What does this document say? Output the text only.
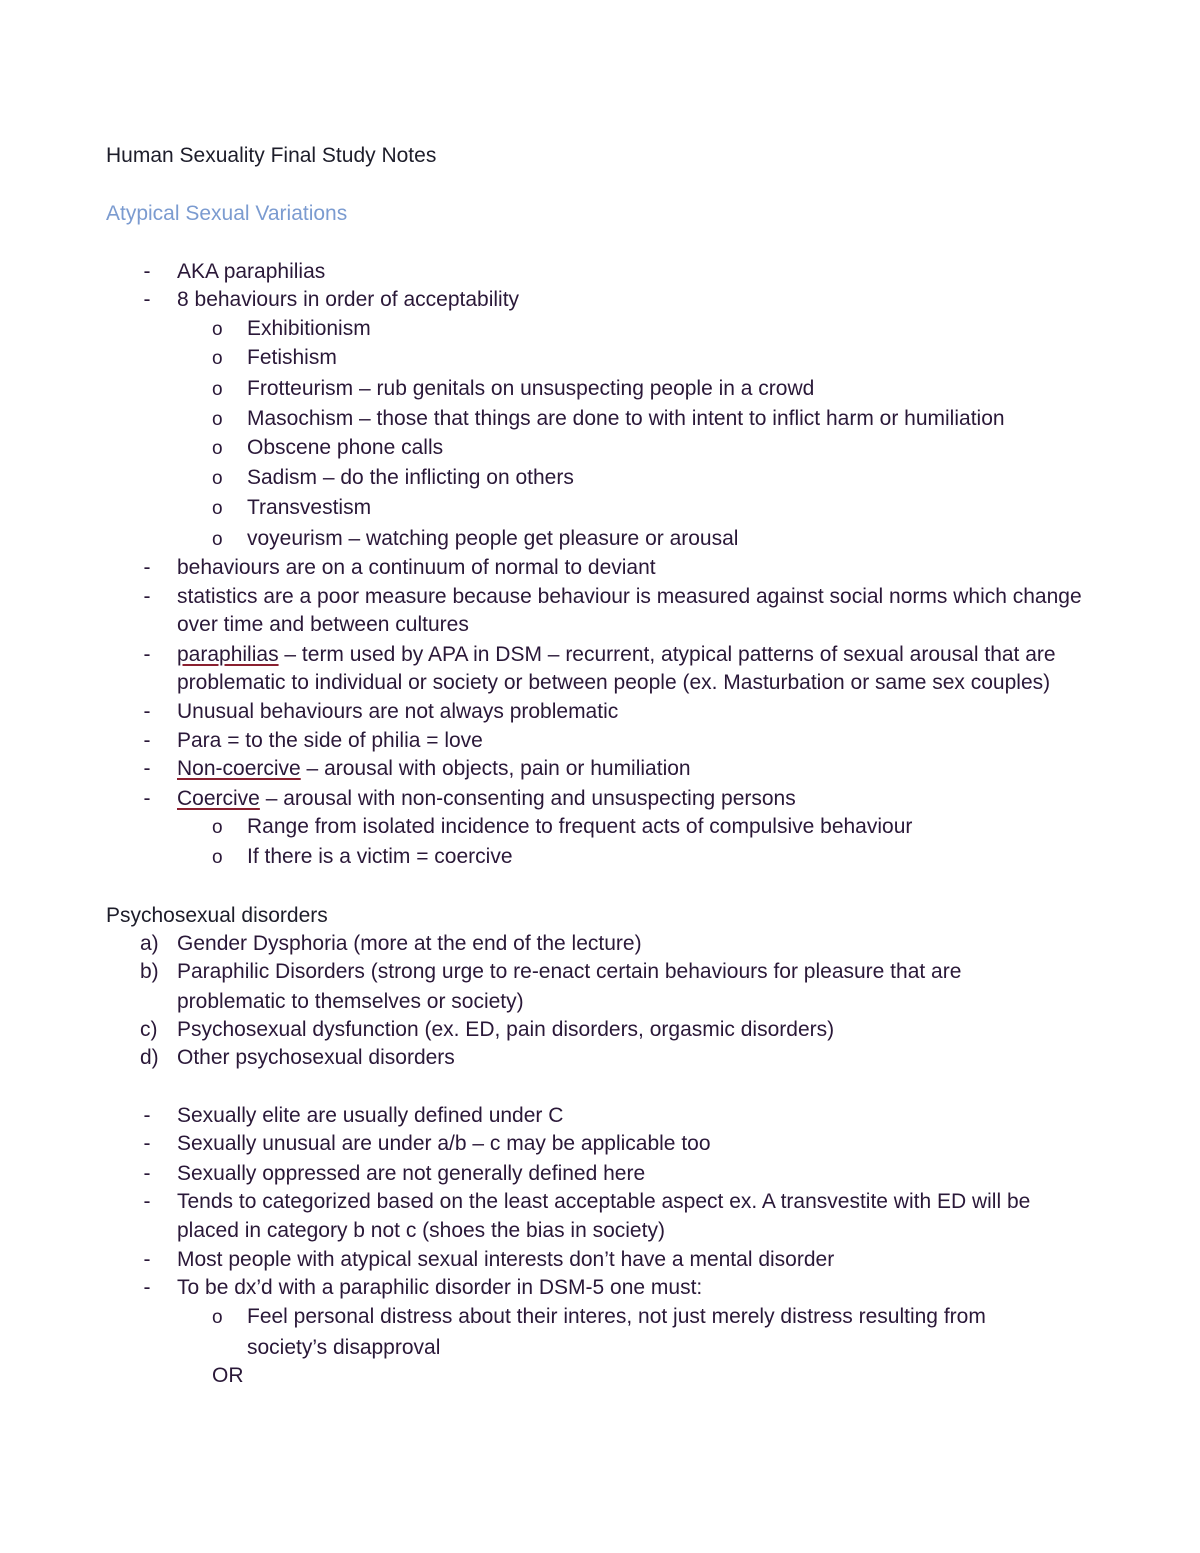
Human Sexuality Final Study Notes
Atypical Sexual Variations
- AKA paraphilias
- 8 behaviours in order of acceptability
o Exhibitionism
o Fetishism
o Frotteurism – rub genitals on unsuspecting people in a crowd
o Masochism – those that things are done to with intent to inflict harm or humiliation
o Obscene phone calls
o Sadism – do the inflicting on others
o Transvestism
o voyeurism – watching people get pleasure or arousal
- behaviours are on a continuum of normal to deviant
- statistics are a poor measure because behaviour is measured against social norms which change
over time and between cultures
- paraphilias – term used by APA in DSM – recurrent, atypical patterns of sexual arousal that are
problematic to individual or society or between people (ex. Masturbation or same sex couples)
- Unusual behaviours are not always problematic
- Para = to the side of philia = love
- Non-coercive – arousal with objects, pain or humiliation
- Coercive – arousal with non-consenting and unsuspecting persons
o Range from isolated incidence to frequent acts of compulsive behaviour
o If there is a victim = coercive
Psychosexual disorders
a) Gender Dysphoria (more at the end of the lecture)
b) Paraphilic Disorders (strong urge to re-enact certain behaviours for pleasure that are
problematic to themselves or society)
c) Psychosexual dysfunction (ex. ED, pain disorders, orgasmic disorders)
d) Other psychosexual disorders
- Sexually elite are usually defined under C
- Sexually unusual are under a/b – c may be applicable too
- Sexually oppressed are not generally defined here
- Tends to categorized based on the least acceptable aspect ex. A transvestite with ED will be
placed in category b not c (shoes the bias in society)
- Most people with atypical sexual interests don’t have a mental disorder
- To be dx’d with a paraphilic disorder in DSM-5 one must:
o Feel personal distress about their interes, not just merely distress resulting from
society’s disapproval
OR
